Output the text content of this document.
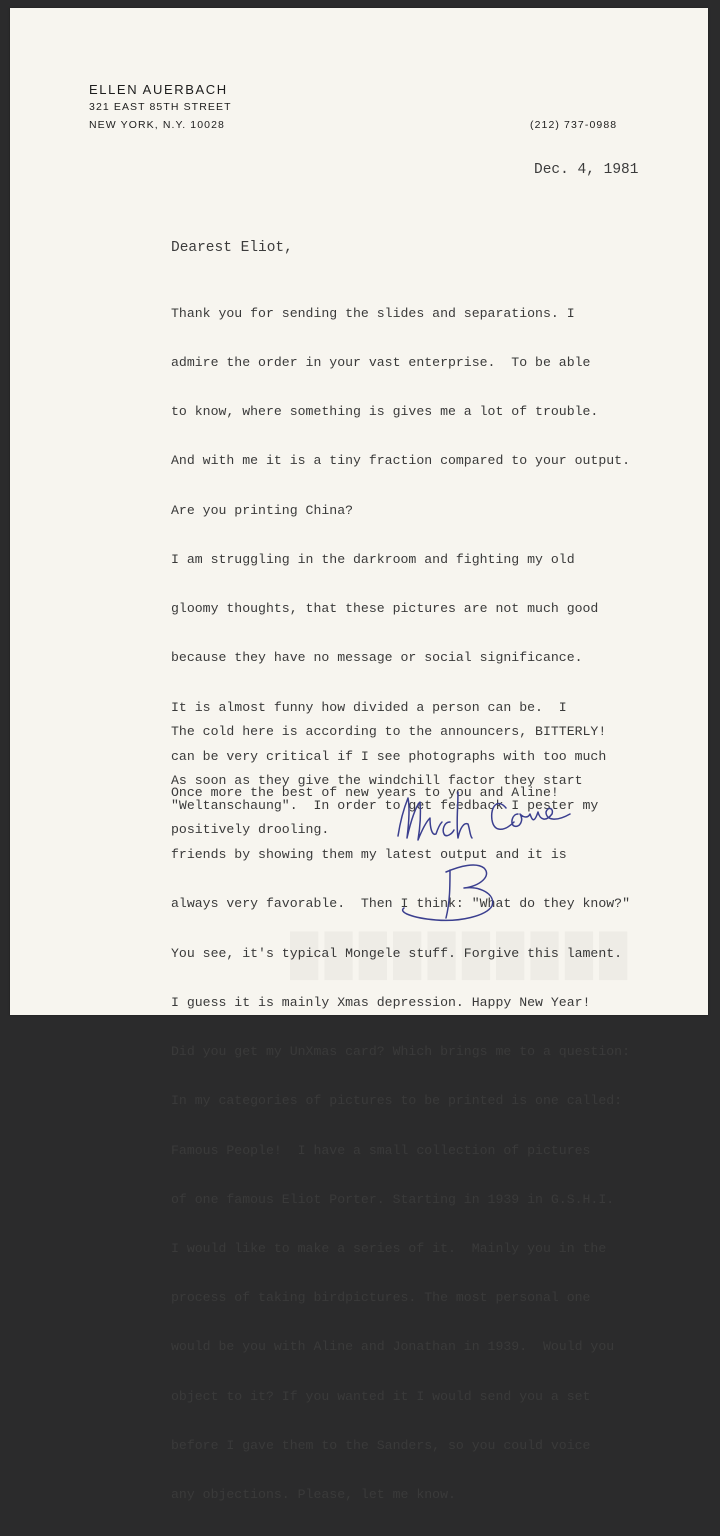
ELLEN AUERBACH
321 EAST 85TH STREET
NEW YORK, N.Y. 10028	(212) 737-0988
Dec. 4, 1981
Dearest Eliot,

Thank you for sending the slides and separations. I

admire the order in your vast enterprise.  To be able

to know, where something is gives me a lot of trouble.

And with me it is a tiny fraction compared to your output.

Are you printing China?

I am struggling in the darkroom and fighting my old

gloomy thoughts, that these pictures are not much good

because they have no message or social significance.

It is almost funny how divided a person can be.  I

can be very critical if I see photographs with too much

"Weltanschaung".  In order to get feedback I pester my

friends by showing them my latest output and it is

always very favorable.  Then I think: "What do they know?"

You see, it's typical Mongele stuff. Forgive this lament.

I guess it is mainly Xmas depression. Happy New Year!

Did you get my UnXmas card? Which brings me to a question:

In my categories of pictures to be printed is one called:

Famous People!  I have a small collection of pictures

of one famous Eliot Porter. Starting in 1939 in G.S.H.I.

I would like to make a series of it.  Mainly you in the

process of taking birdpictures. The most personal one

would be you with Aline and Jonathan in 1939.  Would you

object to it? If you wanted it I would send you a set

before I gave them to the Sanders, so you could voice

any objections. Please, let me know.

The cold here is according to the announcers, BITTERLY!

As soon as they give the windchill factor they start

positively drooling.

Once more the best of new years to you and Aline!
